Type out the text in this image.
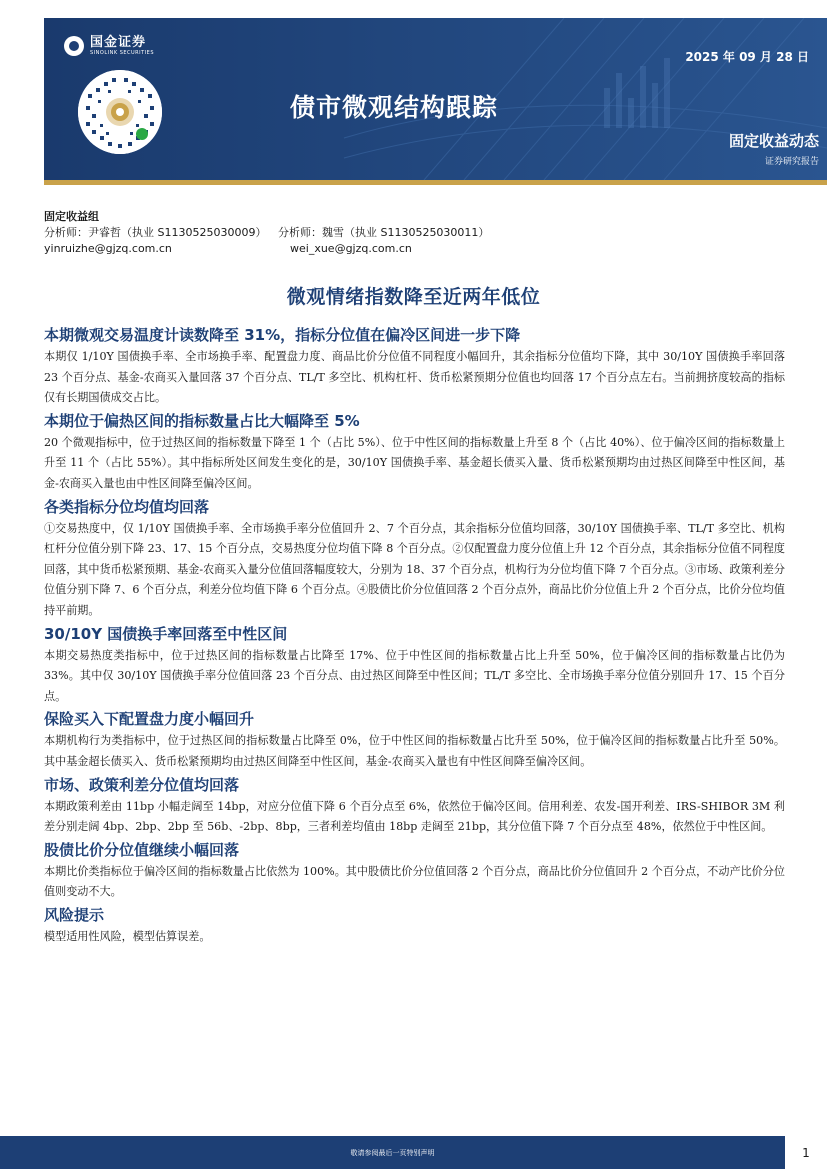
国金证券
SINOLINK SECURITIES	2025 年 09 月 28 日
债市微观结构跟踪
固定收益动态
证券研究报告
固定收益组
分析师：尹睿哲（执业 S1130525030009） 分析师：魏雪（执业 S1130525030011）
yinruizhe@gjzq.com.cn	wei_xue@gjzq.com.cn
微观情绪指数降至近两年低位
本期微观交易温度计读数降至 31%，指标分位值在偏冷区间进一步下降
本期仅 1/10Y 国债换手率、全市场换手率、配置盘力度、商品比价分位值不同程度小幅回升，其余指标分位值均下降，其中 30/10Y 国债换手率回落 23 个百分点、基金-农商买入量回落 37 个百分点、TL/T 多空比、机构杠杆、货币松紧预期分位值也均回落 17 个百分点左右。当前拥挤度较高的指标仅有长期国债成交占比。
本期位于偏热区间的指标数量占比大幅降至 5%
20 个微观指标中，位于过热区间的指标数量下降至 1 个（占比 5%）、位于中性区间的指标数量上升至 8 个（占比 40%）、位于偏冷区间的指标数量上升至 11 个（占比 55%）。其中指标所处区间发生变化的是，30/10Y 国债换手率、基金超长债买入量、货币松紧预期均由过热区间降至中性区间，基金-农商买入量也由中性区间降至偏冷区间。
各类指标分位均值均回落
①交易热度中，仅 1/10Y 国债换手率、全市场换手率分位值回升 2、7 个百分点，其余指标分位值均回落，30/10Y 国债换手率、TL/T 多空比、机构杠杆分位值分别下降 23、17、15 个百分点，交易热度分位均值下降 8 个百分点。②仅配置盘力度分位值上升 12 个百分点，其余指标分位值不同程度回落，其中货币松紧预期、基金-农商买入量分位值回落幅度较大，分别为 18、37 个百分点，机构行为分位均值下降 7 个百分点。③市场、政策利差分位值分别下降 7、6 个百分点，利差分位均值下降 6 个百分点。④股债比价分位值回落 2 个百分点外，商品比价分位值上升 2 个百分点，比价分位均值持平前期。
30/10Y 国债换手率回落至中性区间
本期交易热度类指标中，位于过热区间的指标数量占比降至 17%、位于中性区间的指标数量占比上升至 50%，位于偏冷区间的指标数量占比仍为 33%。其中仅 30/10Y 国债换手率分位值回落 23 个百分点、由过热区间降至中性区间；TL/T 多空比、全市场换手率分位值分别回升 17、15 个百分点。
保险买入下配置盘力度小幅回升
本期机构行为类指标中，位于过热区间的指标数量占比降至 0%，位于中性区间的指标数量占比升至 50%，位于偏冷区间的指标数量占比升至 50%。其中基金超长债买入、货币松紧预期均由过热区间降至中性区间，基金-农商买入量也有中性区间降至偏冷区间。
市场、政策利差分位值均回落
本期政策利差由 11bp 小幅走阔至 14bp，对应分位值下降 6 个百分点至 6%，依然位于偏冷区间。信用利差、农发-国开利差、IRS-SHIBOR 3M 利差分别走阔 4bp、2bp、2bp 至 56b、-2bp、8bp，三者利差均值由 18bp 走阔至 21bp，其分位值下降 7 个百分点至 48%，依然位于中性区间。
股债比价分位值继续小幅回落
本期比价类指标位于偏冷区间的指标数量占比依然为 100%。其中股债比价分位值回落 2 个百分点，商品比价分位值回升 2 个百分点，不动产比价分位值则变动不大。
风险提示
模型适用性风险，模型估算误差。
敬请参阅最后一页特别声明	1
